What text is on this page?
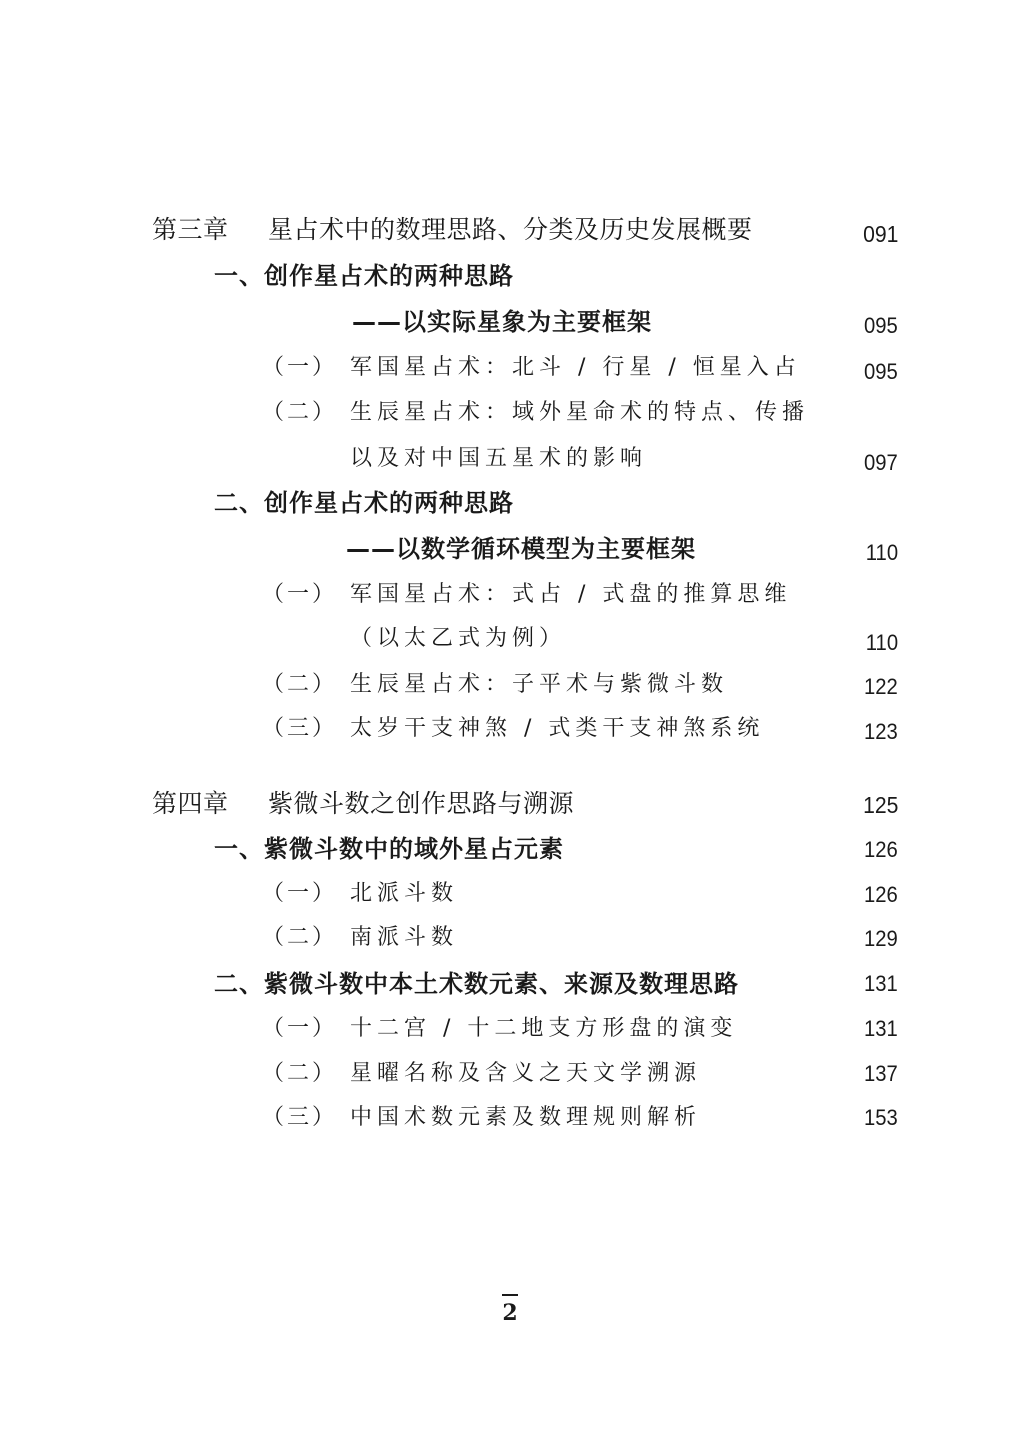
第三章 星占术中的数理思路、分类及历史发展概要	091
一、创作星占术的两种思路
——以实际星象为主要框架	095
（一） 军国星占术：北斗 / 行星 / 恒星入占	095
（二） 生辰星占术：域外星命术的特点、传播
以及对中国五星术的影响	097
二、创作星占术的两种思路
——以数学循环模型为主要框架	110
（一） 军国星占术：式占 / 式盘的推算思维
（以太乙式为例）	110
（二） 生辰星占术：子平术与紫微斗数	122
（三） 太岁干支神煞 / 式类干支神煞系统	123
第四章 紫微斗数之创作思路与溯源	125
一、紫微斗数中的域外星占元素	126
（一） 北派斗数	126
（二） 南派斗数	129
二、紫微斗数中本土术数元素、来源及数理思路	131
（一） 十二宫 / 十二地支方形盘的演变	131
（二） 星曜名称及含义之天文学溯源	137
（三） 中国术数元素及数理规则解析	153
2
